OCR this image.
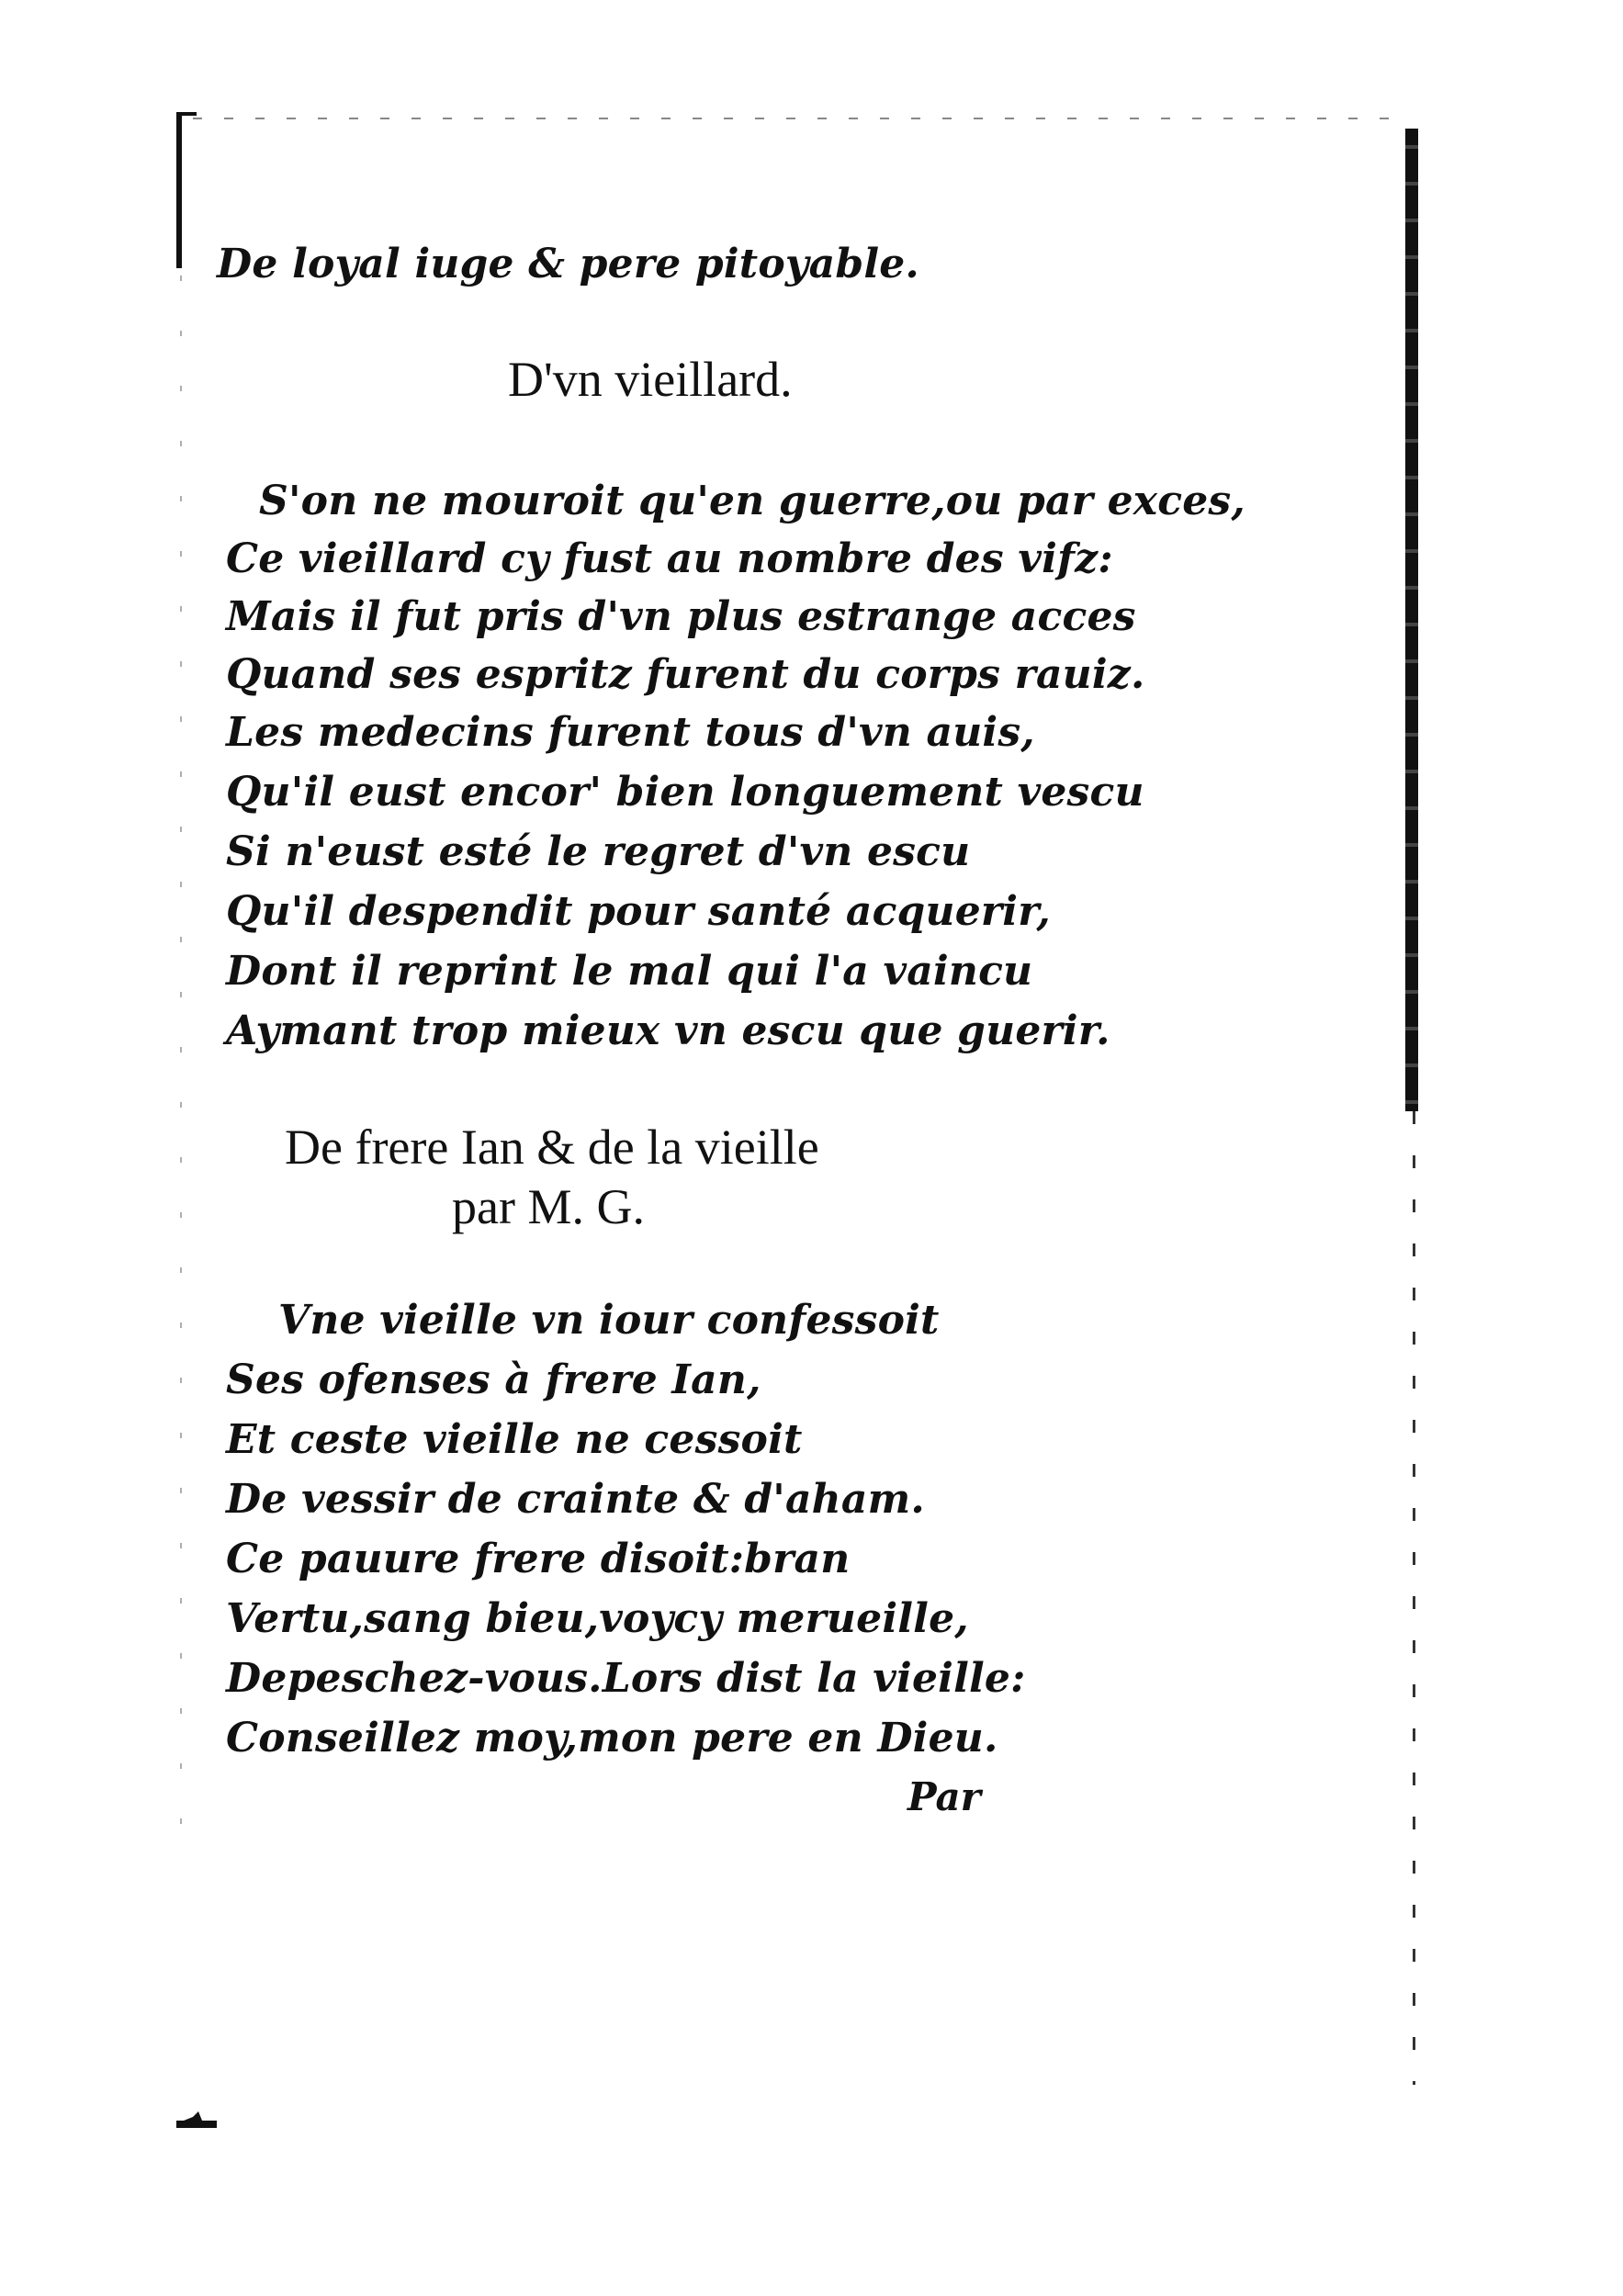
De loyal iuge & pere pitoyable.
D'vn vieillard.
S'on ne mouroit qu'en guerre,ou par exces,
Ce vieillard cy fust au nombre des vifz:
Mais il fut pris d'vn plus estrange acces
Quand ses espritz furent du corps rauiz.
Les medecins furent tous d'vn auis,
Qu'il eust encor' bien longuement vescu
Si n'eust esté le regret d'vn escu
Qu'il despendit pour santé acquerir,
Dont il reprint le mal qui l'a vaincu
Aymant trop mieux vn escu que guerir.
De frere Ian & de la vieille
par M. G.
Vne vieille vn iour confessoit
Ses ofenses à frere Ian,
Et ceste vieille ne cessoit
De vessir de crainte & d'aham.
Ce pauure frere disoit:bran
Vertu,sang bieu,voycy merueille,
Depeschez-vous.Lors dist la vieille:
Conseillez moy,mon pere en Dieu.
Par
